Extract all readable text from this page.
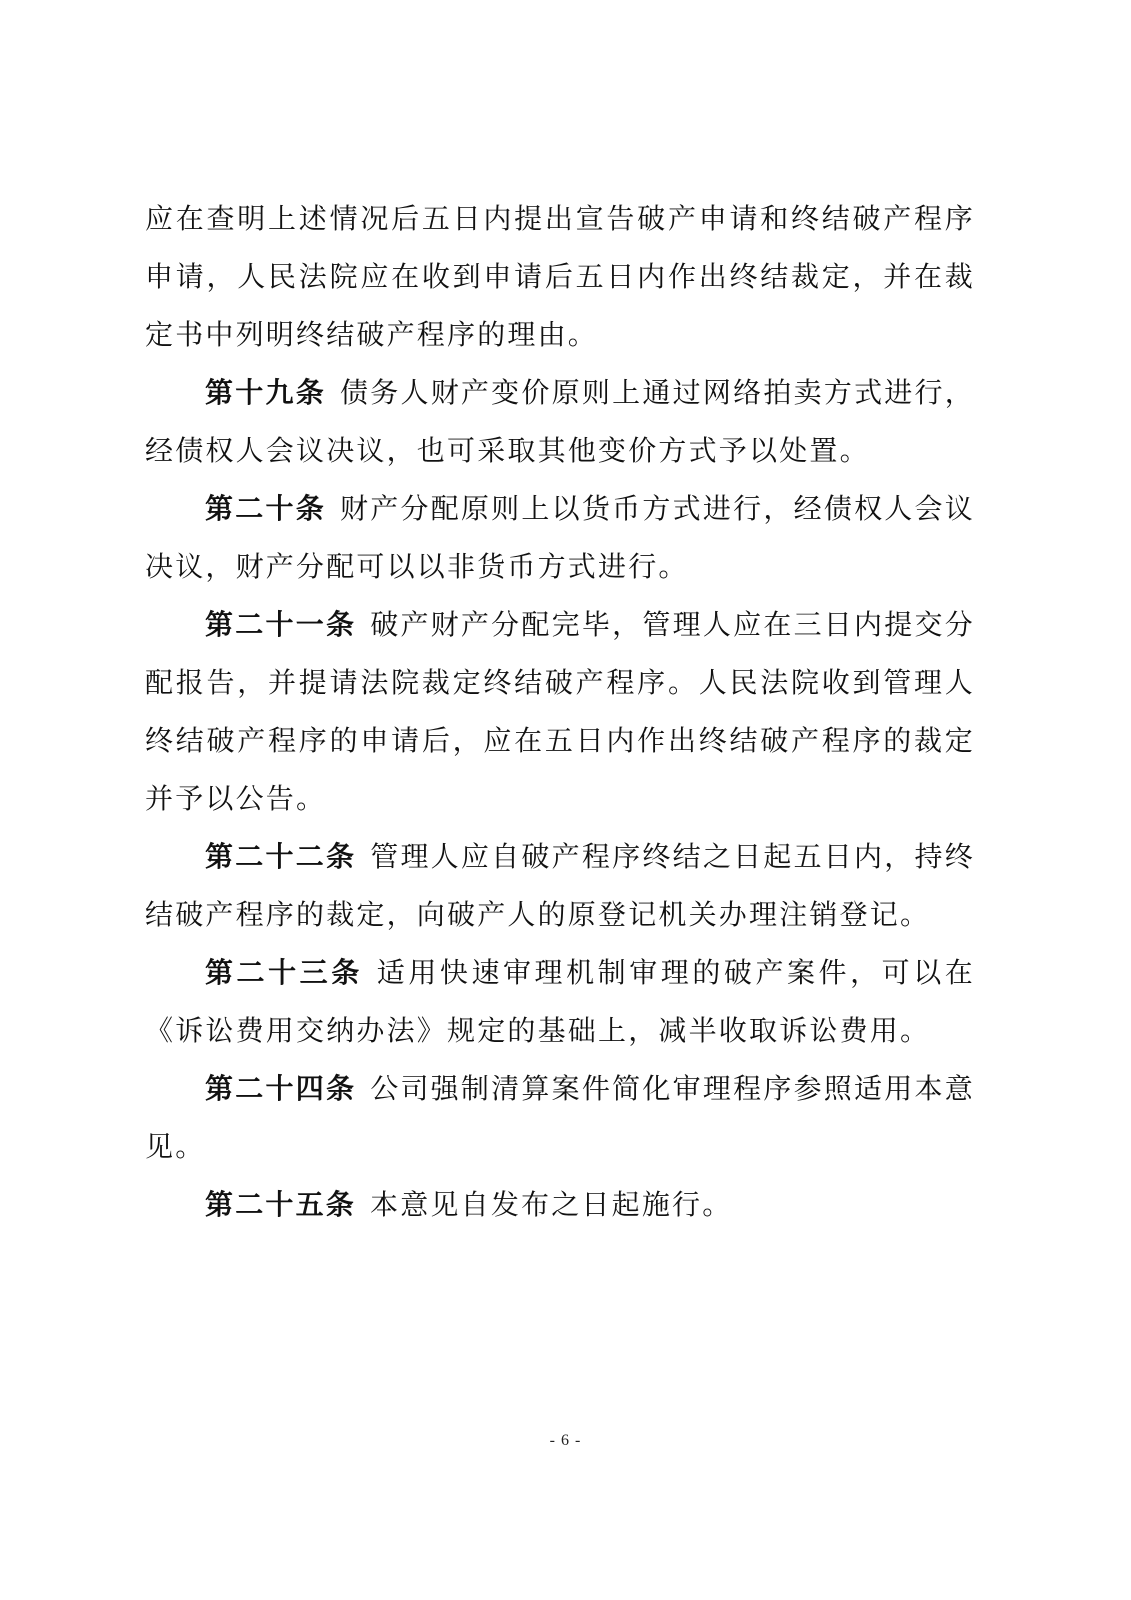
应在查明上述情况后五日内提出宣告破产申请和终结破产程序申请，人民法院应在收到申请后五日内作出终结裁定，并在裁定书中列明终结破产程序的理由。

第十九条 债务人财产变价原则上通过网络拍卖方式进行，经债权人会议决议，也可采取其他变价方式予以处置。

第二十条 财产分配原则上以货币方式进行，经债权人会议决议，财产分配可以以非货币方式进行。

第二十一条 破产财产分配完毕，管理人应在三日内提交分配报告，并提请法院裁定终结破产程序。人民法院收到管理人终结破产程序的申请后，应在五日内作出终结破产程序的裁定并予以公告。

第二十二条 管理人应自破产程序终结之日起五日内，持终结破产程序的裁定，向破产人的原登记机关办理注销登记。

第二十三条 适用快速审理机制审理的破产案件，可以在《诉讼费用交纳办法》规定的基础上，减半收取诉讼费用。

第二十四条 公司强制清算案件简化审理程序参照适用本意见。

第二十五条 本意见自发布之日起施行。

- 6 -
